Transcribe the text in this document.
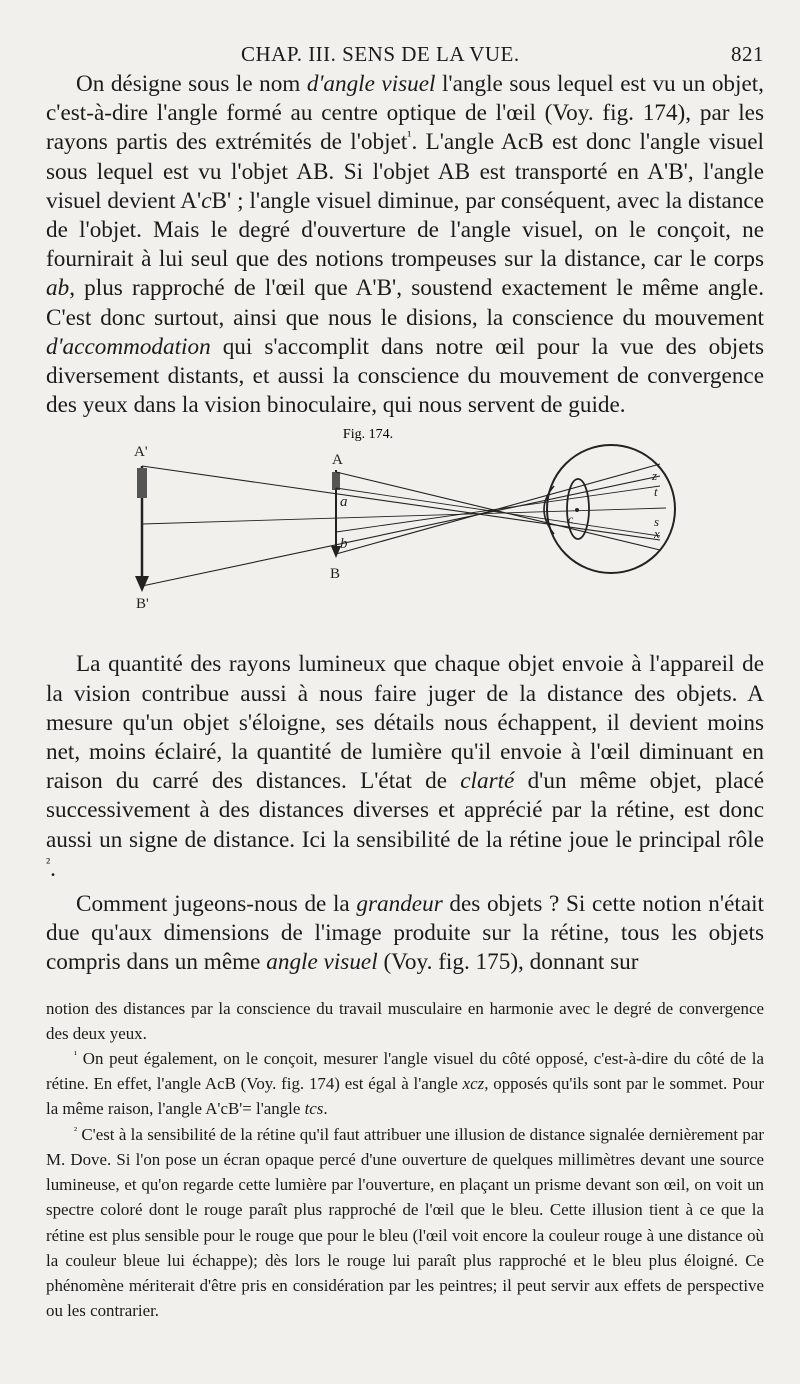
CHAP. III. SENS DE LA VUE.	821

On désigne sous le nom d'angle visuel l'angle sous lequel est vu un objet, c'est-à-dire l'angle formé au centre optique de l'œil (Voy. fig. 174), par les rayons partis des extrémités de l'objet$^{^1}$. L'angle AcB est donc l'angle visuel sous lequel est vu l'objet AB. Si l'objet AB est transporté en A'B', l'angle visuel devient A'cB' ; l'angle visuel diminue, par conséquent, avec la distance de l'objet. Mais le degré d'ouverture de l'angle visuel, on le conçoit, ne fournirait à lui seul que des notions trompeuses sur la distance, car le corps ab, plus rapproché de l'œil que A'B', soustend exactement le même angle. C'est donc surtout, ainsi que nous le disions, la conscience du mouvement d'accommodation qui s'accomplit dans notre œil pour la vue des objets diversement distants, et aussi la conscience du mouvement de convergence des yeux dans la vision binoculaire, qui nous servent de guide.

Fig. 174.
A'	A
a
b
B'
B
c
z
t
s
x

La quantité des rayons lumineux que chaque objet envoie à l'appareil de la vision contribue aussi à nous faire juger de la distance des objets. A mesure qu'un objet s'éloigne, ses détails nous échappent, il devient moins net, moins éclairé, la quantité de lumière qu'il envoie à l'œil diminuant en raison du carré des distances. L'état de clarté d'un même objet, placé successivement à des distances diverses et apprécié par la rétine, est donc aussi un signe de distance. Ici la sensibilité de la rétine joue le principal rôle $^{^2}$.

Comment jugeons-nous de la grandeur des objets ? Si cette notion n'était due qu'aux dimensions de l'image produite sur la rétine, tous les objets compris dans un même angle visuel (Voy. fig. 175), donnant sur

notion des distances par la conscience du travail musculaire en harmonie avec le degré de convergence des deux yeux.

$^{^1}$ On peut également, on le conçoit, mesurer l'angle visuel du côté opposé, c'est-à-dire du côté de la rétine. En effet, l'angle AcB (Voy. fig. 174) est égal à l'angle xcz, opposés qu'ils sont par le sommet. Pour la même raison, l'angle A'cB'= l'angle tcs.

$^{^2}$ C'est à la sensibilité de la rétine qu'il faut attribuer une illusion de distance signalée dernièrement par M. Dove. Si l'on pose un écran opaque percé d'une ouverture de quelques millimètres devant une source lumineuse, et qu'on regarde cette lumière par l'ouverture, en plaçant un prisme devant son œil, on voit un spectre coloré dont le rouge paraît plus rapproché de l'œil que le bleu. Cette illusion tient à ce que la rétine est plus sensible pour le rouge que pour le bleu (l'œil voit encore la couleur rouge à une distance où la couleur bleue lui échappe); dès lors le rouge lui paraît plus rapproché et le bleu plus éloigné. Ce phénomène mériterait d'être pris en considération par les peintres; il peut servir aux effets de perspective ou les contrarier.
